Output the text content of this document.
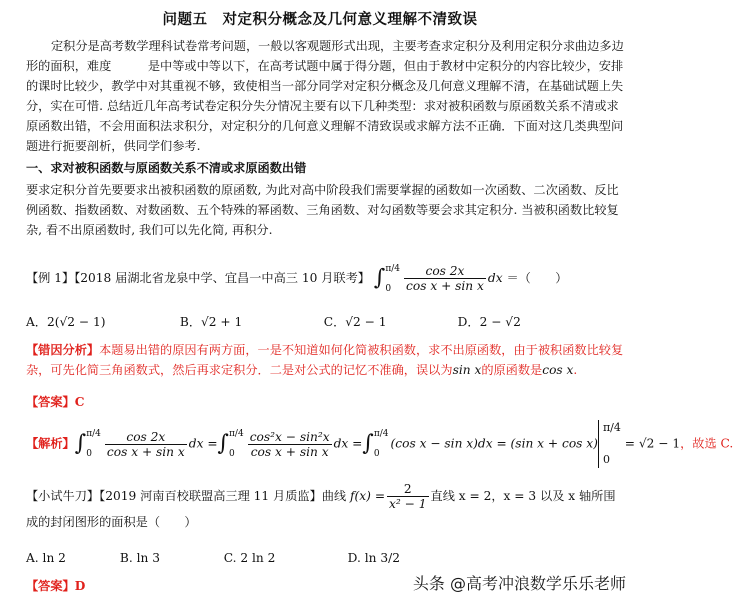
问题五　对定积分概念及几何意义理解不清致误
定积分是高考数学理科试卷常考问题，一般以客观题形式出现，主要考查求定积分及利用定积分求曲边多边形的面积，难度　　　是中等或中等以下，在高考试题中属于得分题，但由于教材中定积分的内容比较少，安排的课时比较少，教学中对其重视不够，致使相当一部分同学对定积分概念及几何意义理解不清，在基础试题上失分，实在可惜. 总结近几年高考试卷定积分失分情况主要有以下几种类型：求对被积函数与原函数关系不清或求原函数出错，不会用面积法求积分，对定积分的几何意义理解不清致误或求解方法不正确．下面对这几类典型问题进行扼要剖析，供同学们参考.
一、求对被积函数与原函数关系不清或求原函数出错
要求定积分首先要要求出被积函数的原函数, 为此对高中阶段我们需要掌握的函数如一次函数、二次函数、反比例函数、指数函数、对数函数、五个特殊的幂函数、三角函数、对勾函数等要会求其定积分. 当被积函数比较复杂, 看不出原函数时, 我们可以先化简, 再积分.
【例 1】【2018 届湖北省龙泉中学、宜昌一中高三 10 月联考】 ∫π/4

$0 \frac{\cos 2x}{\text{cos x + sin x}}$ dx ＝（　　）
A．2(√2 − 1)	B．√2 + 1	C．√2 − 1	D．2 − √2
【错因分析】本题易出错的原因有两方面，一是不知道如何化简被积函数，求不出原函数，由于被积函数比较复杂，可先化简三角函数式，然后再求定积分．二是对公式的记忆不准确，误以为sin x的原函数是cos x.
【答案】C
【解析】∫π/4

$0 \frac{\cos 2x}{\text{cos x + sin x}}$ dx =∫π/4

$0 \frac{\text{cos²x − sin²x}}{\text{cos x + sin x}}$ dx =∫π/4

0(cos x − sin x)dx = (sin x + cos x)π/4

0 = √2 − 1，故选 C.
【小试牛刀】【2019 河南百校联盟高三理 11 月质监】曲线 $f(x) = \frac{2}{\text{x² − 1}}$ 直线 x = 2，x = 3 以及 x 轴所围成的封闭图形的面积是（　　）
A. ln 2	B. ln 3	C. 2 ln 2	D. ln 3/2
【答案】D	头条 @高考冲浪数学乐乐老师
